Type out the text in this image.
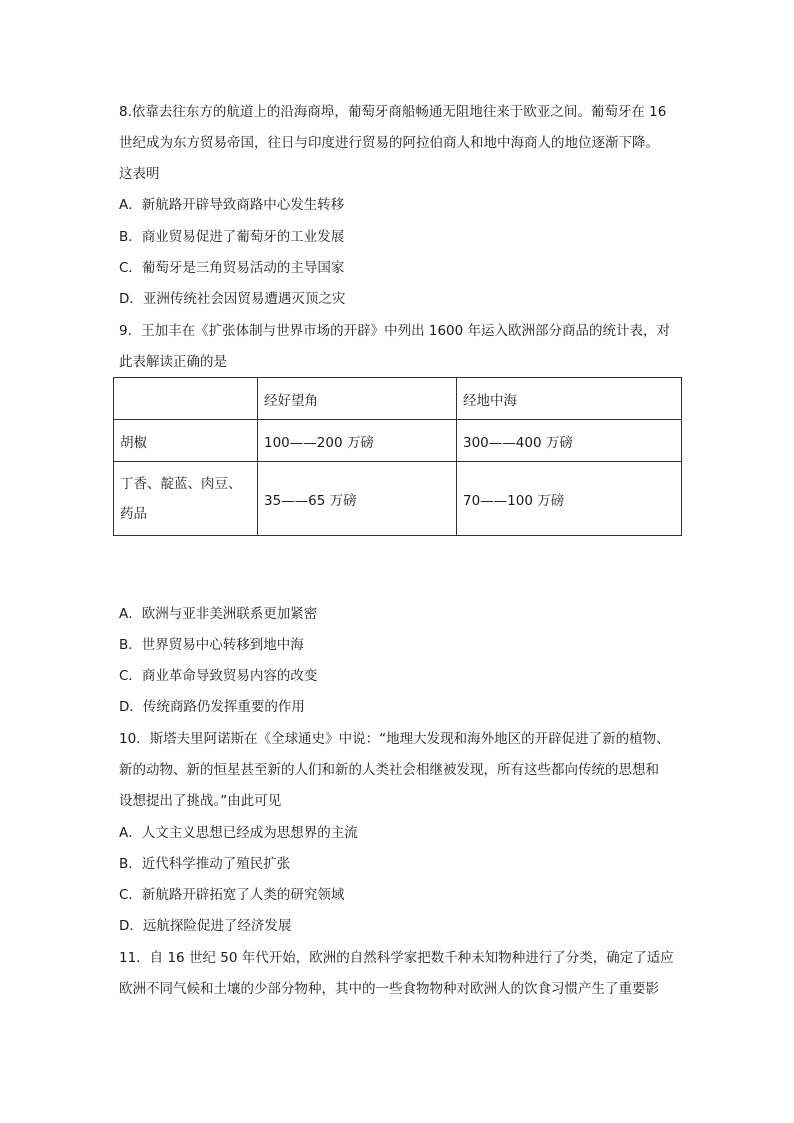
8.依靠去往东方的航道上的沿海商埠，葡萄牙商船畅通无阻地往来于欧亚之间。葡萄牙在 16
世纪成为东方贸易帝国，往日与印度进行贸易的阿拉伯商人和地中海商人的地位逐渐下降。
这表明
A．新航路开辟导致商路中心发生转移
B．商业贸易促进了葡萄牙的工业发展
C．葡萄牙是三角贸易活动的主导国家
D．亚洲传统社会因贸易遭遇灭顶之灾
9．王加丰在《扩张体制与世界市场的开辟》中列出 1600 年运入欧洲部分商品的统计表，对
此表解读正确的是
	经好望角	经地中海
胡椒	100——200 万磅	300——400 万磅

丁香、靛蓝、肉豆、药品	35——65 万磅	70——100 万磅
A．欧洲与亚非美洲联系更加紧密
B．世界贸易中心转移到地中海
C．商业革命导致贸易内容的改变
D．传统商路仍发挥重要的作用
10．斯塔夫里阿诺斯在《全球通史》中说：“地理大发现和海外地区的开辟促进了新的植物、
新的动物、新的恒星甚至新的人们和新的人类社会相继被发现，所有这些都向传统的思想和
设想提出了挑战。”由此可见
A．人文主义思想已经成为思想界的主流
B．近代科学推动了殖民扩张
C．新航路开辟拓宽了人类的研究领域
D．远航探险促进了经济发展
11．自 16 世纪 50 年代开始，欧洲的自然科学家把数千种未知物种进行了分类，确定了适应
欧洲不同气候和土壤的少部分物种，其中的一些食物物种对欧洲人的饮食习惯产生了重要影
